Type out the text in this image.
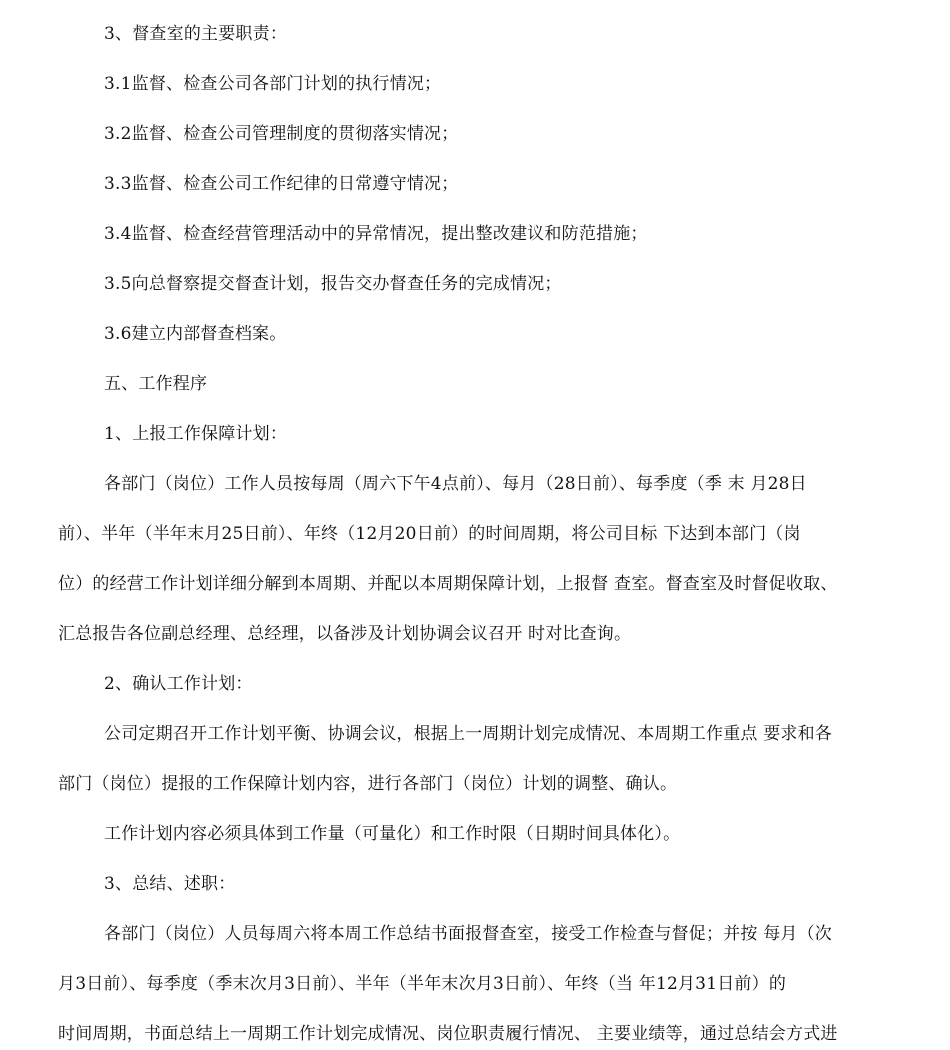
3、督查室的主要职责：
3.1监督、检查公司各部门计划的执行情况；
3.2监督、检查公司管理制度的贯彻落实情况；
3.3监督、检查公司工作纪律的日常遵守情况；
3.4监督、检查经营管理活动中的异常情况，提出整改建议和防范措施；
3.5向总督察提交督查计划，报告交办督查任务的完成情况；
3.6建立内部督查档案。
五、工作程序
1、上报工作保障计划：
各部门（岗位）工作人员按每周（周六下午4点前）、每月（28日前）、每季度（季 末 月28日
前）、半年（半年末月25日前）、年终（12月20日前）的时间周期，将公司目标 下达到本部门（岗
位）的经营工作计划详细分解到本周期、并配以本周期保障计划，上报督 查室。督查室及时督促收取、
汇总报告各位副总经理、总经理，以备涉及计划协调会议召开 时对比查询。
2、确认工作计划：
公司定期召开工作计划平衡、协调会议，根据上一周期计划完成情况、本周期工作重点 要求和各
部门（岗位）提报的工作保障计划内容，进行各部门（岗位）计划的调整、确认。
工作计划内容必须具体到工作量（可量化）和工作时限（日期时间具体化）。
3、总结、述职：
各部门（岗位）人员每周六将本周工作总结书面报督查室，接受工作检查与督促；并按 每月（次
月3日前）、每季度（季末次月3日前）、半年（半年末次月3日前）、年终（当 年12月31日前）的
时间周期，书面总结上一周期工作计划完成情况、岗位职责履行情况、 主要业绩等，通过总结会方式进
